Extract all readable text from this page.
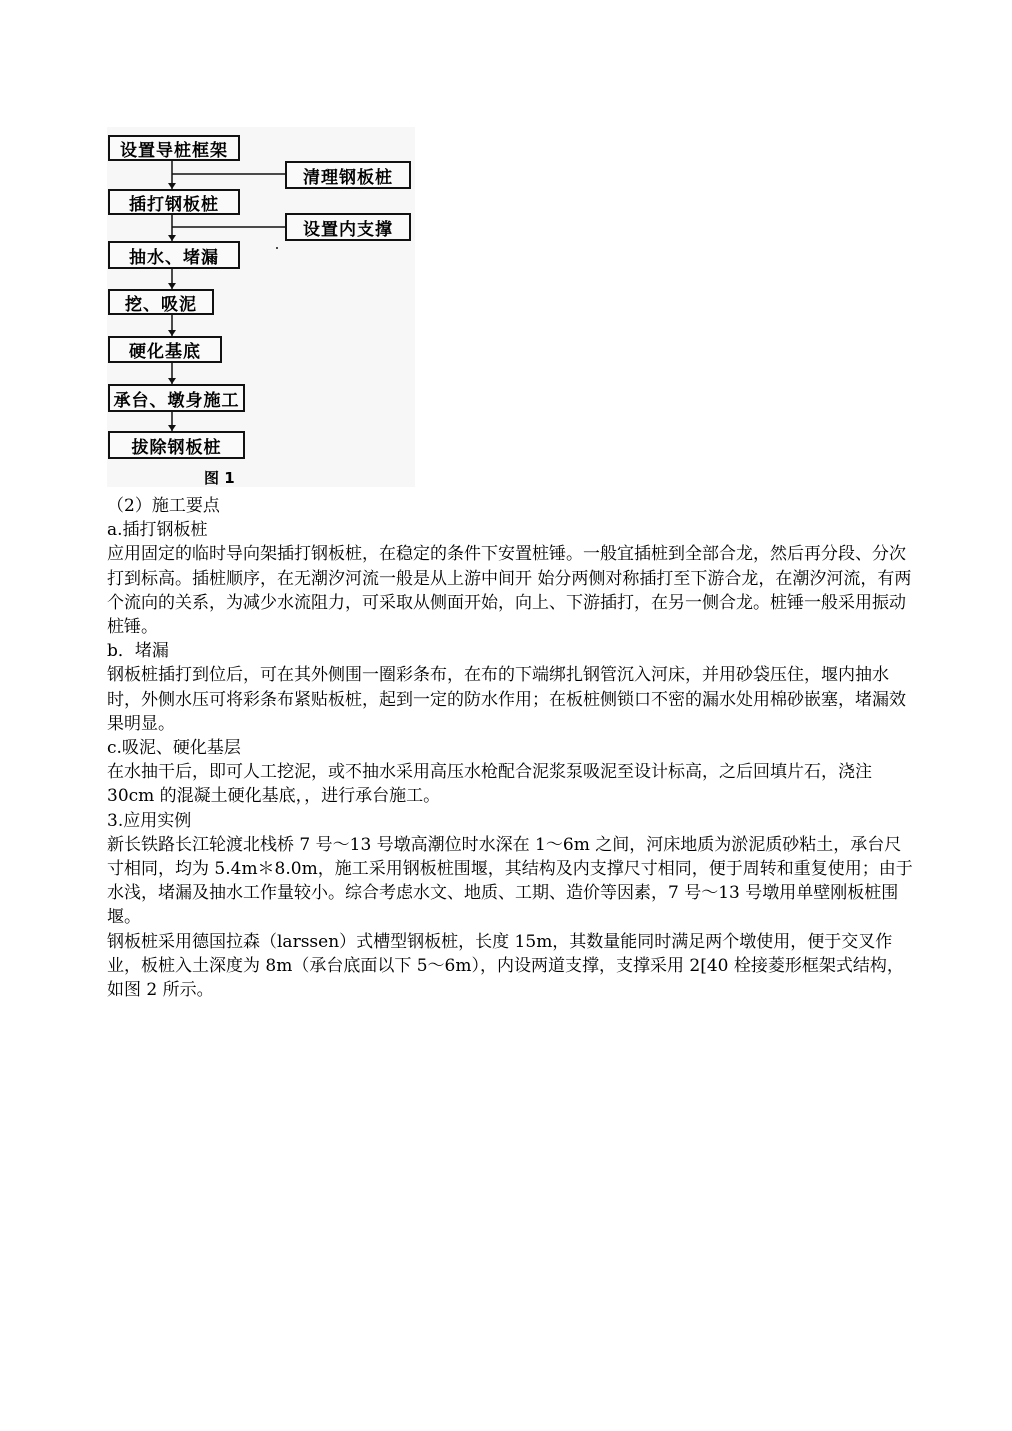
设置导桩框架
清理钢板桩
插打钢板桩
设置内支撑
抽水、堵漏
挖、吸泥
硬化基底
承台、墩身施工
拔除钢板桩
图 1

（2）施工要点

a.插打钢板桩

应用固定的临时导向架插打钢板桩，在稳定的条件下安置桩锤。一般宜插桩到全部合龙，然后再分段、分次打到标高。插桩顺序，在无潮汐河流一般是从上游中间开 始分两侧对称插打至下游合龙，在潮汐河流，有两个流向的关系，为减少水流阻力，可采取从侧面开始，向上、下游插打，在另一侧合龙。桩锤一般采用振动桩锤。

b．堵漏

钢板桩插打到位后，可在其外侧围一圈彩条布，在布的下端绑扎钢管沉入河床，并用砂袋压住，堰内抽水时，外侧水压可将彩条布紧贴板桩，起到一定的防水作用；在板桩侧锁口不密的漏水处用棉砂嵌塞，堵漏效果明显。

c.吸泥、硬化基层

在水抽干后，即可人工挖泥，或不抽水采用高压水枪配合泥浆泵吸泥至设计标高，之后回填片石，浇注 30cm 的混凝土硬化基底，，进行承台施工。

3.应用实例

新长铁路长江轮渡北栈桥 7 号～13 号墩高潮位时水深在 1～6m 之间，河床地质为淤泥质砂粘土，承台尺寸相同，均为 5.4m＊8.0m，施工采用钢板桩围堰，其结构及内支撑尺寸相同，便于周转和重复使用；由于水浅，堵漏及抽水工作量较小。综合考虑水文、地质、工期、造价等因素，7 号～13 号墩用单壁刚板桩围堰。

钢板桩采用德国拉森（larssen）式槽型钢板桩，长度 15m，其数量能同时满足两个墩使用，便于交叉作业，板桩入土深度为 8m（承台底面以下 5～6m），内设两道支撑，支撑采用 2[40 栓接菱形框架式结构，如图 2 所示。
